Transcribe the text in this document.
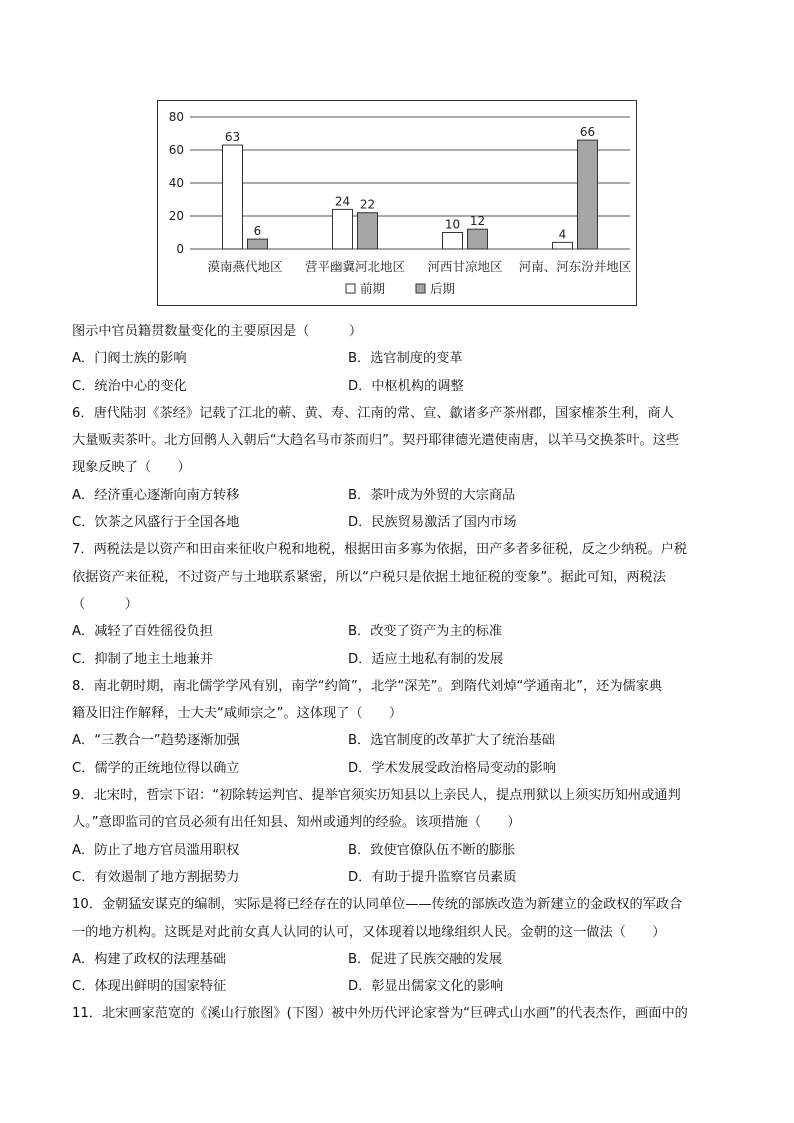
0
20
40
60
80
63
6
漠南燕代地区
24 22
营平幽冀河北地区
10 12
河西甘凉地区
4
66
河南、河东汾并地区
前期	后期
图示中官员籍贯数量变化的主要原因是（　　　）
A．门阀士族的影响	B．选官制度的变革
C．统治中心的变化	D．中枢机构的调整
6．唐代陆羽《茶经》记载了江北的蕲、黄、寿、江南的常、宣、歙诸多产茶州郡，国家榷茶生利，商人
大量贩卖茶叶。北方回鹘人入朝后“大趋名马市茶而归”。契丹耶律德光遣使南唐，以羊马交换茶叶。这些
现象反映了（　　）
A．经济重心逐渐向南方转移	B．茶叶成为外贸的大宗商品
C．饮茶之风盛行于全国各地	D．民族贸易激活了国内市场
7．两税法是以资产和田亩来征收户税和地税，根据田亩多寡为依据，田产多者多征税，反之少纳税。户税
依据资产来征税，不过资产与土地联系紧密，所以“户税只是依据土地征税的变象”。据此可知，两税法
（　　　）
A．减轻了百姓徭役负担	B．改变了资产为主的标准
C．抑制了地主土地兼并	D．适应土地私有制的发展
8．南北朝时期，南北儒学学风有别，南学“约简”，北学“深芜”。到隋代刘焯“学通南北”，还为儒家典
籍及旧注作解释，士大夫“咸师宗之”。这体现了（　　）
A．“三教合一”趋势逐渐加强	B．选官制度的改革扩大了统治基础
C．儒学的正统地位得以确立	D．学术发展受政治格局变动的影响
9．北宋时，哲宗下诏：“初除转运判官、提举官须实历知县以上亲民人，提点刑狱以上须实历知州或通判
人。”意即监司的官员必须有出任知县、知州或通判的经验。该项措施（　　）
A．防止了地方官员滥用职权	B．致使官僚队伍不断的膨胀
C．有效遏制了地方割据势力	D．有助于提升监察官员素质
10．金朝猛安谋克的编制，实际是将已经存在的认同单位——传统的部族改造为新建立的金政权的军政合
一的地方机构。这既是对此前女真人认同的认可，又体现着以地缘组织人民。金朝的这一做法（　　）
A．构建了政权的法理基础	B．促进了民族交融的发展
C．体现出鲜明的国家特征	D．彰显出儒家文化的影响
11．北宋画家范宽的《溪山行旅图》(下图）被中外历代评论家誉为“巨碑式山水画”的代表杰作，画面中的
